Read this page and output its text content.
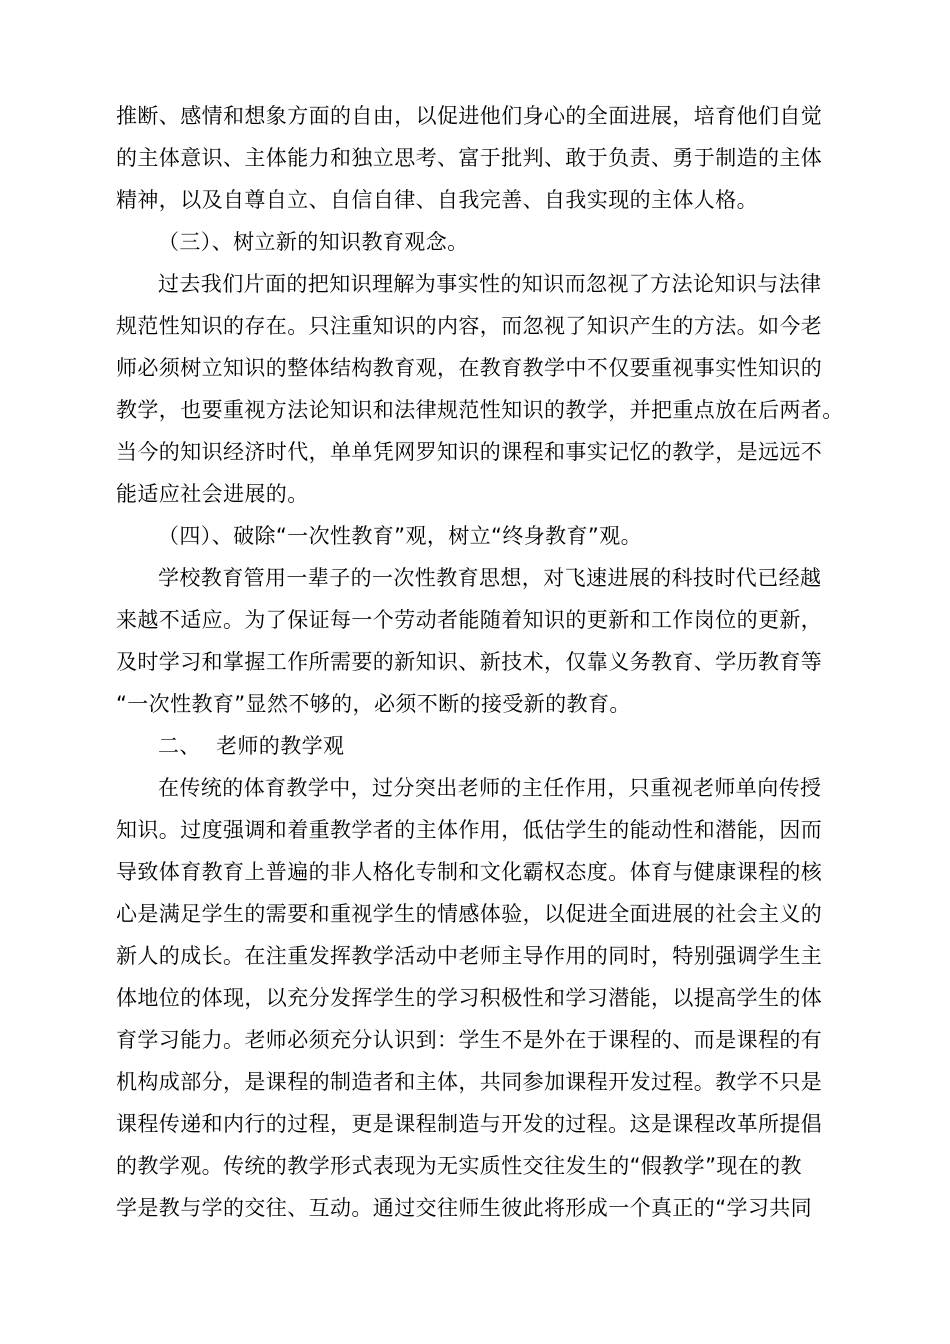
推断、感情和想象方面的自由，以促进他们身心的全面进展，培育他们自觉
的主体意识、主体能力和独立思考、富于批判、敢于负责、勇于制造的主体
精神，以及自尊自立、自信自律、自我完善、自我实现的主体人格。
（三）、树立新的知识教育观念。
过去我们片面的把知识理解为事实性的知识而忽视了方法论知识与法律
规范性知识的存在。只注重知识的内容，而忽视了知识产生的方法。如今老
师必须树立知识的整体结构教育观，在教育教学中不仅要重视事实性知识的
教学，也要重视方法论知识和法律规范性知识的教学，并把重点放在后两者。
当今的知识经济时代，单单凭网罗知识的课程和事实记忆的教学，是远远不
能适应社会进展的。
（四）、破除“一次性教育”观，树立“终身教育”观。
学校教育管用一辈子的一次性教育思想，对飞速进展的科技时代已经越
来越不适应。为了保证每一个劳动者能随着知识的更新和工作岗位的更新，
及时学习和掌握工作所需要的新知识、新技术，仅靠义务教育、学历教育等
“一次性教育”显然不够的，必须不断的接受新的教育。
二、 老师的教学观
在传统的体育教学中，过分突出老师的主任作用，只重视老师单向传授
知识。过度强调和着重教学者的主体作用，低估学生的能动性和潜能，因而
导致体育教育上普遍的非人格化专制和文化霸权态度。体育与健康课程的核
心是满足学生的需要和重视学生的情感体验，以促进全面进展的社会主义的
新人的成长。在注重发挥教学活动中老师主导作用的同时，特别强调学生主
体地位的体现，以充分发挥学生的学习积极性和学习潜能，以提高学生的体
育学习能力。老师必须充分认识到：学生不是外在于课程的、而是课程的有
机构成部分，是课程的制造者和主体，共同参加课程开发过程。教学不只是
课程传递和内行的过程，更是课程制造与开发的过程。这是课程改革所提倡
的教学观。传统的教学形式表现为无实质性交往发生的“假教学”现在的教
学是教与学的交往、互动。通过交往师生彼此将形成一个真正的“学习共同
